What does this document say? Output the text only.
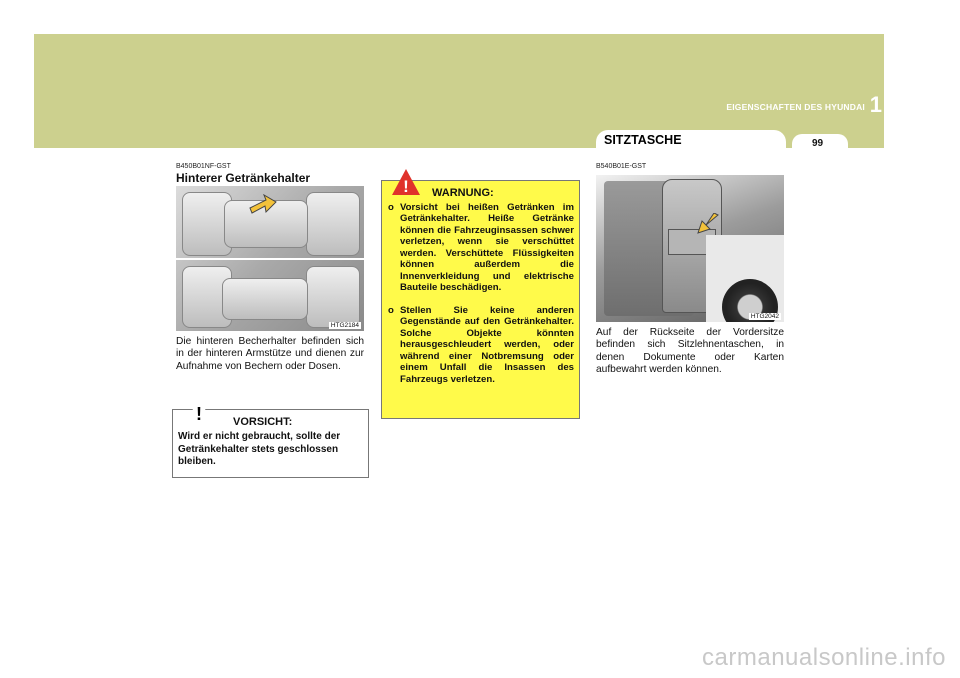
EIGENSCHAFTEN DES HYUNDAI 1
SITZTASCHE	99
B450B01NF-GST
Hinterer Getränkehalter
HTG2184
Die hinteren Becherhalter befinden sich in der hinteren Armstütze und dienen zur Aufnahme von Bechern oder Dosen.
!	VORSICHT:
Wird er nicht gebraucht, sollte der Getränkehalter stets geschlossen bleiben.
! WARNUNG:
o Vorsicht bei heißen Getränken im Getränkehalter. Heiße Getränke können die Fahrzeuginsassen schwer verletzen, wenn sie verschüttet werden. Verschüttete Flüssigkeiten können außerdem die Innenverkleidung und elektrische Bauteile beschädigen.
o Stellen Sie keine anderen Gegenstände auf den Getränkehalter. Solche Objekte könnten herausgeschleudert werden, oder während einer Notbremsung oder einem Unfall die Insassen des Fahrzeugs verletzen.
B540B01E-GST
HTG2042
Auf der Rückseite der Vordersitze befinden sich Sitzlehnentaschen, in denen Dokumente oder Karten aufbewahrt werden können.
carmanualsonline.info
